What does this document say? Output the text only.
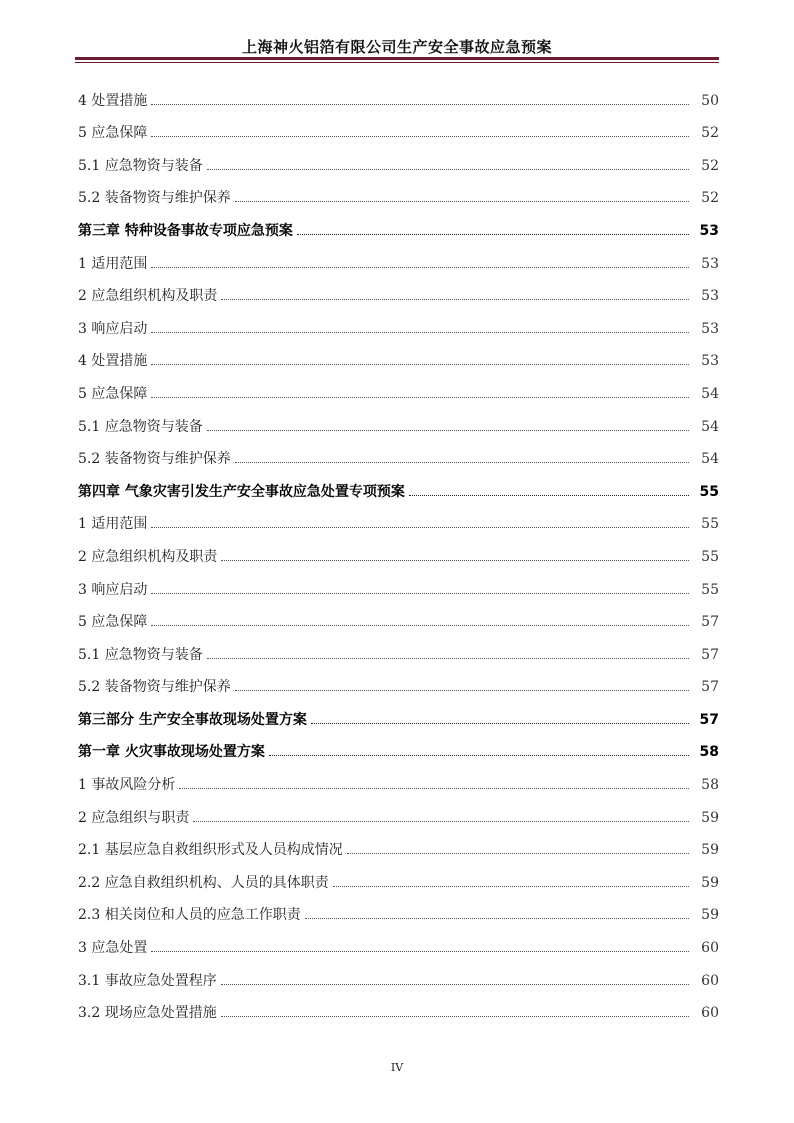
上海神火铝箔有限公司生产安全事故应急预案
4 处置措施	50
5 应急保障	52
5.1 应急物资与装备	52
5.2 装备物资与维护保养	52
第三章 特种设备事故专项应急预案	53
1 适用范围	53
2 应急组织机构及职责	53
3 响应启动	53
4 处置措施	53
5 应急保障	54
5.1 应急物资与装备	54
5.2 装备物资与维护保养	54
第四章 气象灾害引发生产安全事故应急处置专项预案	55
1 适用范围	55
2 应急组织机构及职责	55
3 响应启动	55
5 应急保障	57
5.1 应急物资与装备	57
5.2 装备物资与维护保养	57
第三部分 生产安全事故现场处置方案	57
第一章 火灾事故现场处置方案	58
1 事故风险分析	58
2 应急组织与职责	59
2.1 基层应急自救组织形式及人员构成情况	59
2.2 应急自救组织机构、人员的具体职责	59
2.3 相关岗位和人员的应急工作职责	59
3 应急处置	60
3.1 事故应急处置程序	60
3.2 现场应急处置措施	60
IV
